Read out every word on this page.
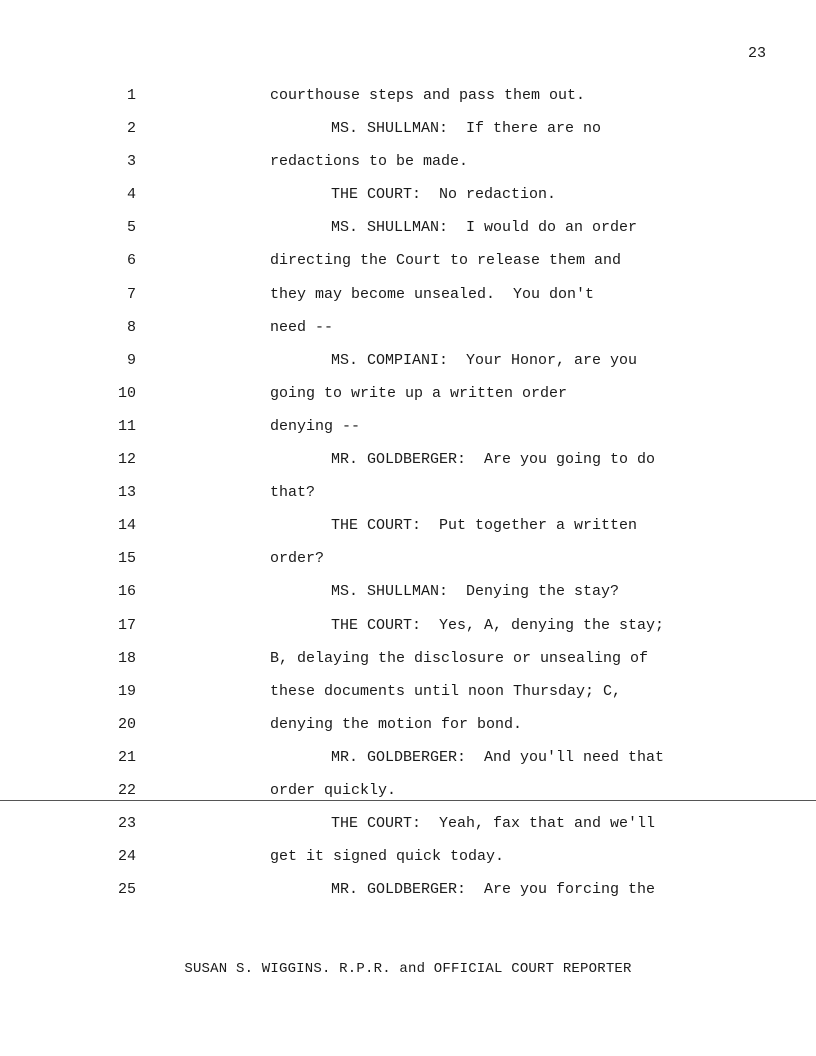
23
1	courthouse steps and pass them out.
2	MS. SHULLMAN:  If there are no
3	redactions to be made.
4	THE COURT:  No redaction.
5	MS. SHULLMAN:  I would do an order
6	directing the Court to release them and
7	they may become unsealed.  You don't
8	need --
9	MS. COMPIANI:  Your Honor, are you
10	going to write up a written order
11	denying --
12	MR. GOLDBERGER:  Are you going to do
13	that?
14	THE COURT:  Put together a written
15	order?
16	MS. SHULLMAN:  Denying the stay?
17	THE COURT:  Yes, A, denying the stay;
18	B, delaying the disclosure or unsealing of
19	these documents until noon Thursday; C,
20	denying the motion for bond.
21	MR. GOLDBERGER:  And you'll need that
22	order quickly.
23	THE COURT:  Yeah, fax that and we'll
24	get it signed quick today.
25	MR. GOLDBERGER:  Are you forcing the
SUSAN S. WIGGINS. R.P.R. and OFFICIAL COURT REPORTER
